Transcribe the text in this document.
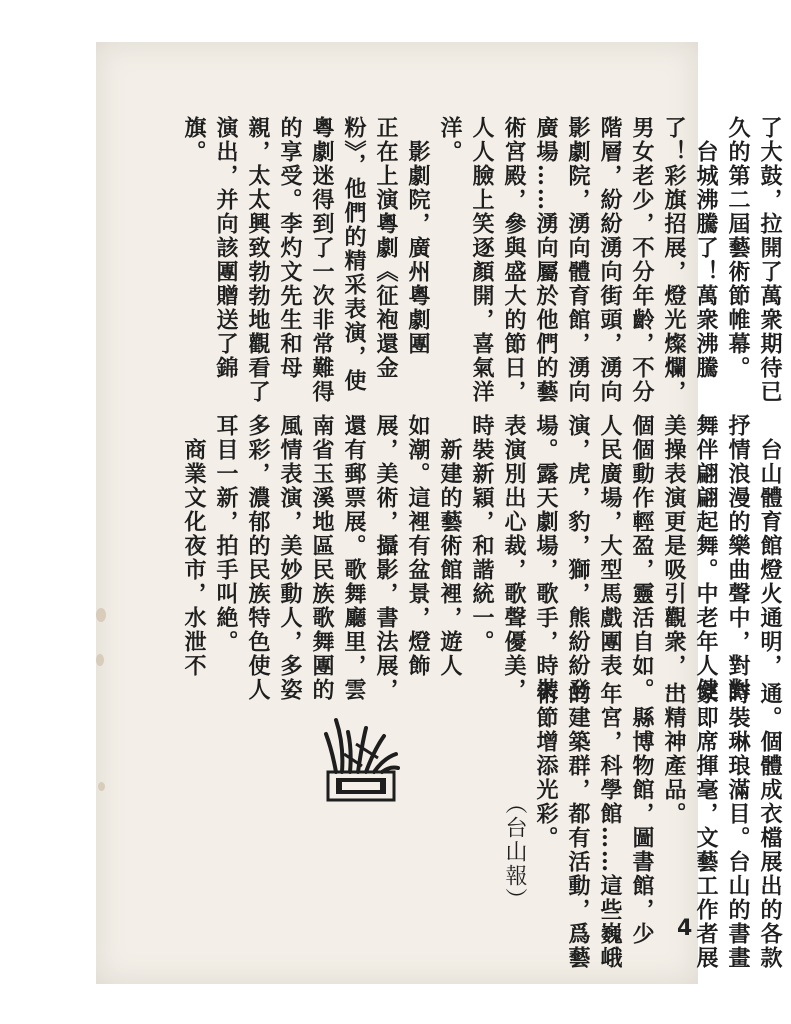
了大鼓，拉開了萬衆期待已
久的第二屆藝術節帷幕。
　台城沸騰了！萬衆沸騰
了！彩旗招展，燈光燦爛，
男女老少，不分年齡，不分
階層，紛紛湧向街頭，湧向
影劇院，湧向體育館，湧向
廣場……湧向屬於他們的藝
術宮殿，參與盛大的節日，
人人臉上笑逐顏開，喜氣洋
洋。
　影劇院，廣州粵劇團
正在上演粵劇《征袍還金
粉》，他們的精采表演，使
粵劇迷得到了一次非常難得
的享受。李灼文先生和母
親，太太興致勃勃地觀看了
演出，并向該團贈送了錦
旗。
　台山體育館燈火通明，
抒情浪漫的樂曲聲中，對對
舞伴翩翩起舞。中老年人健
美操表演更是吸引觀衆，一
個個動作輕盈，靈活自如。
人民廣場，大型馬戲團表
演，虎，豹，獅，熊紛紛登
場。露天劇場，歌手，時裝
表演別出心裁，歌聲優美，
時裝新穎，和諧統一。
　新建的藝術館裡，遊人
如潮。這裡有盆景，燈飾
展，美術，攝影，書法展，
還有郵票展。歌舞廳里，雲
南省玉溪地區民族歌舞團的
風情表演，美妙動人，多姿
多彩，濃郁的民族特色使人
耳目一新，拍手叫絶。
　商業文化夜市，水泄不
通。個體成衣檔展出的各款
時裝琳琅滿目。台山的書畫
家即席揮毫，文藝工作者展
出精神產品。
　縣博物館，圖書館，少
年宮，科學館……這些巍峨
的建築群，都有活動，爲藝
術節增添光彩。
（台山報）
4
